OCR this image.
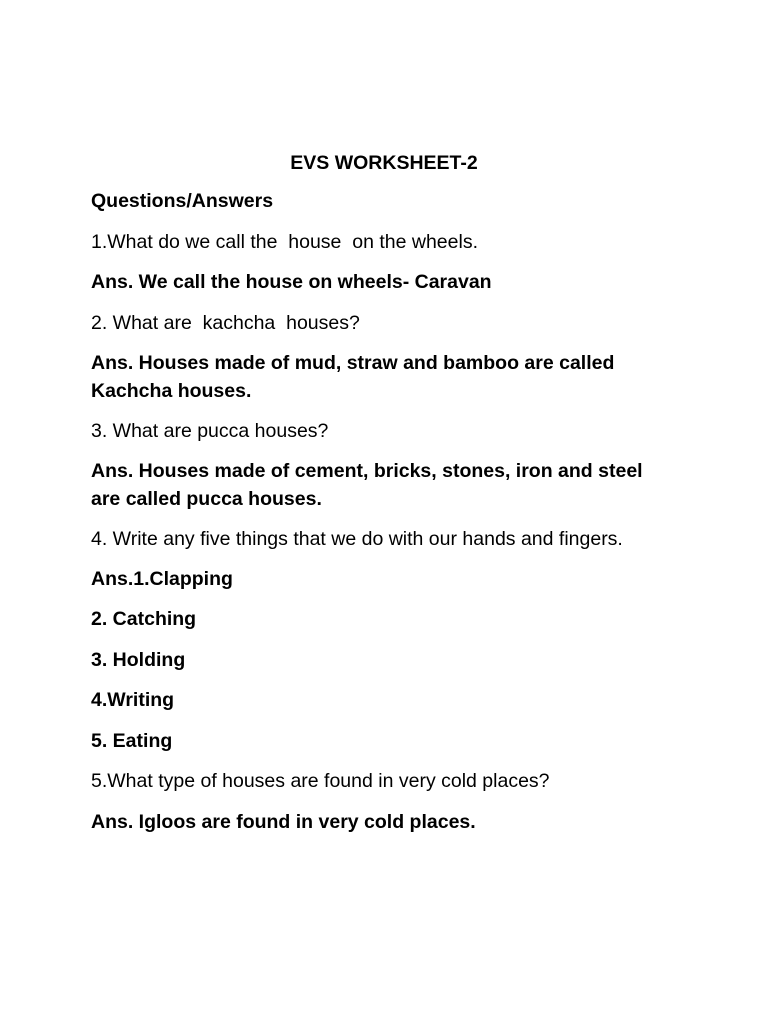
EVS WORKSHEET-2
Questions/Answers
1.What do we call the  house  on the wheels.
Ans. We call the house on wheels- Caravan
2. What are  kachcha  houses?
Ans. Houses made of mud, straw and bamboo are called
Kachcha houses.
3. What are pucca houses?
Ans. Houses made of cement, bricks, stones, iron and steel
are called pucca houses.
4. Write any five things that we do with our hands and fingers.
Ans.1.Clapping
2. Catching
3. Holding
4.Writing
5. Eating
5.What type of houses are found in very cold places?
Ans. Igloos are found in very cold places.
